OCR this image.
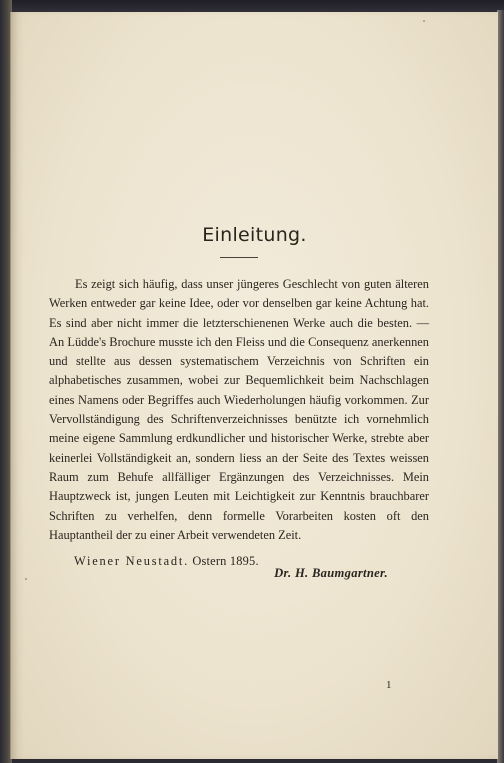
Einleitung.

Es zeigt sich häufig, dass unser jüngeres Geschlecht von guten älteren Werken entweder gar keine Idee, oder vor denselben gar keine Achtung hat. Es sind aber nicht immer die letzterschienenen Werke auch die besten. — An Lüdde's Brochure musste ich den Fleiss und die Consequenz anerkennen und stellte aus dessen systematischem Verzeichnis von Schriften ein alphabetisches zusammen, wobei zur Bequemlichkeit beim Nachschlagen eines Namens oder Begriffes auch Wiederholungen häufig vorkommen. Zur Vervollständigung des Schriftenverzeichnisses benützte ich vornehmlich meine eigene Sammlung erdkundlicher und historischer Werke, strebte aber keinerlei Vollständigkeit an, sondern liess an der Seite des Textes weissen Raum zum Behufe allfälliger Ergänzungen des Verzeichnisses. Mein Hauptzweck ist, jungen Leuten mit Leichtigkeit zur Kenntnis brauchbarer Schriften zu verhelfen, denn formelle Vorarbeiten kosten oft den Hauptantheil der zu einer Arbeit verwendeten Zeit.

Wiener Neustadt. Ostern 1895.

Dr. H. Baumgartner.

1
